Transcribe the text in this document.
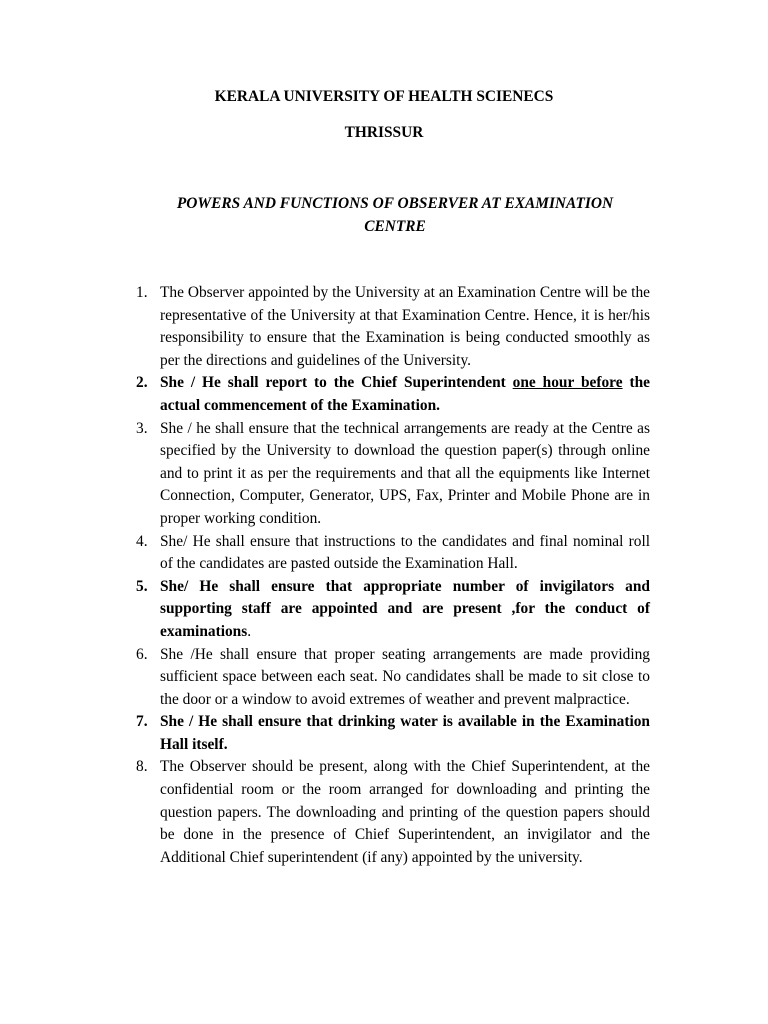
KERALA UNIVERSITY OF HEALTH SCIENECS

THRISSUR

POWERS AND FUNCTIONS OF OBSERVER AT EXAMINATION CENTRE

1. The Observer appointed by the University at an Examination Centre will be the representative of the University at that Examination Centre. Hence, it is her/his responsibility to ensure that the Examination is being conducted smoothly as per the directions and guidelines of the University.
2. She / He shall report to the Chief Superintendent one hour before the actual commencement of the Examination.
3. She / he shall ensure that the technical arrangements are ready at the Centre as specified by the University to download the question paper(s) through online and to print it as per the requirements and that all the equipments like Internet Connection, Computer, Generator, UPS, Fax, Printer and Mobile Phone are in proper working condition.
4. She/ He shall ensure that instructions to the candidates and final nominal roll of the candidates are pasted outside the Examination Hall.
5. She/ He shall ensure that appropriate number of invigilators and supporting staff are appointed and are present ,for the conduct of examinations.
6. She /He shall ensure that proper seating arrangements are made providing sufficient space between each seat. No candidates shall be made to sit close to the door or a window to avoid extremes of weather and prevent malpractice.
7. She / He shall ensure that drinking water is available in the Examination Hall itself.
8. The Observer should be present, along with the Chief Superintendent, at the confidential room or the room arranged for downloading and printing the question papers. The downloading and printing of the question papers should be done in the presence of Chief Superintendent, an invigilator and the Additional Chief superintendent (if any) appointed by the university.
